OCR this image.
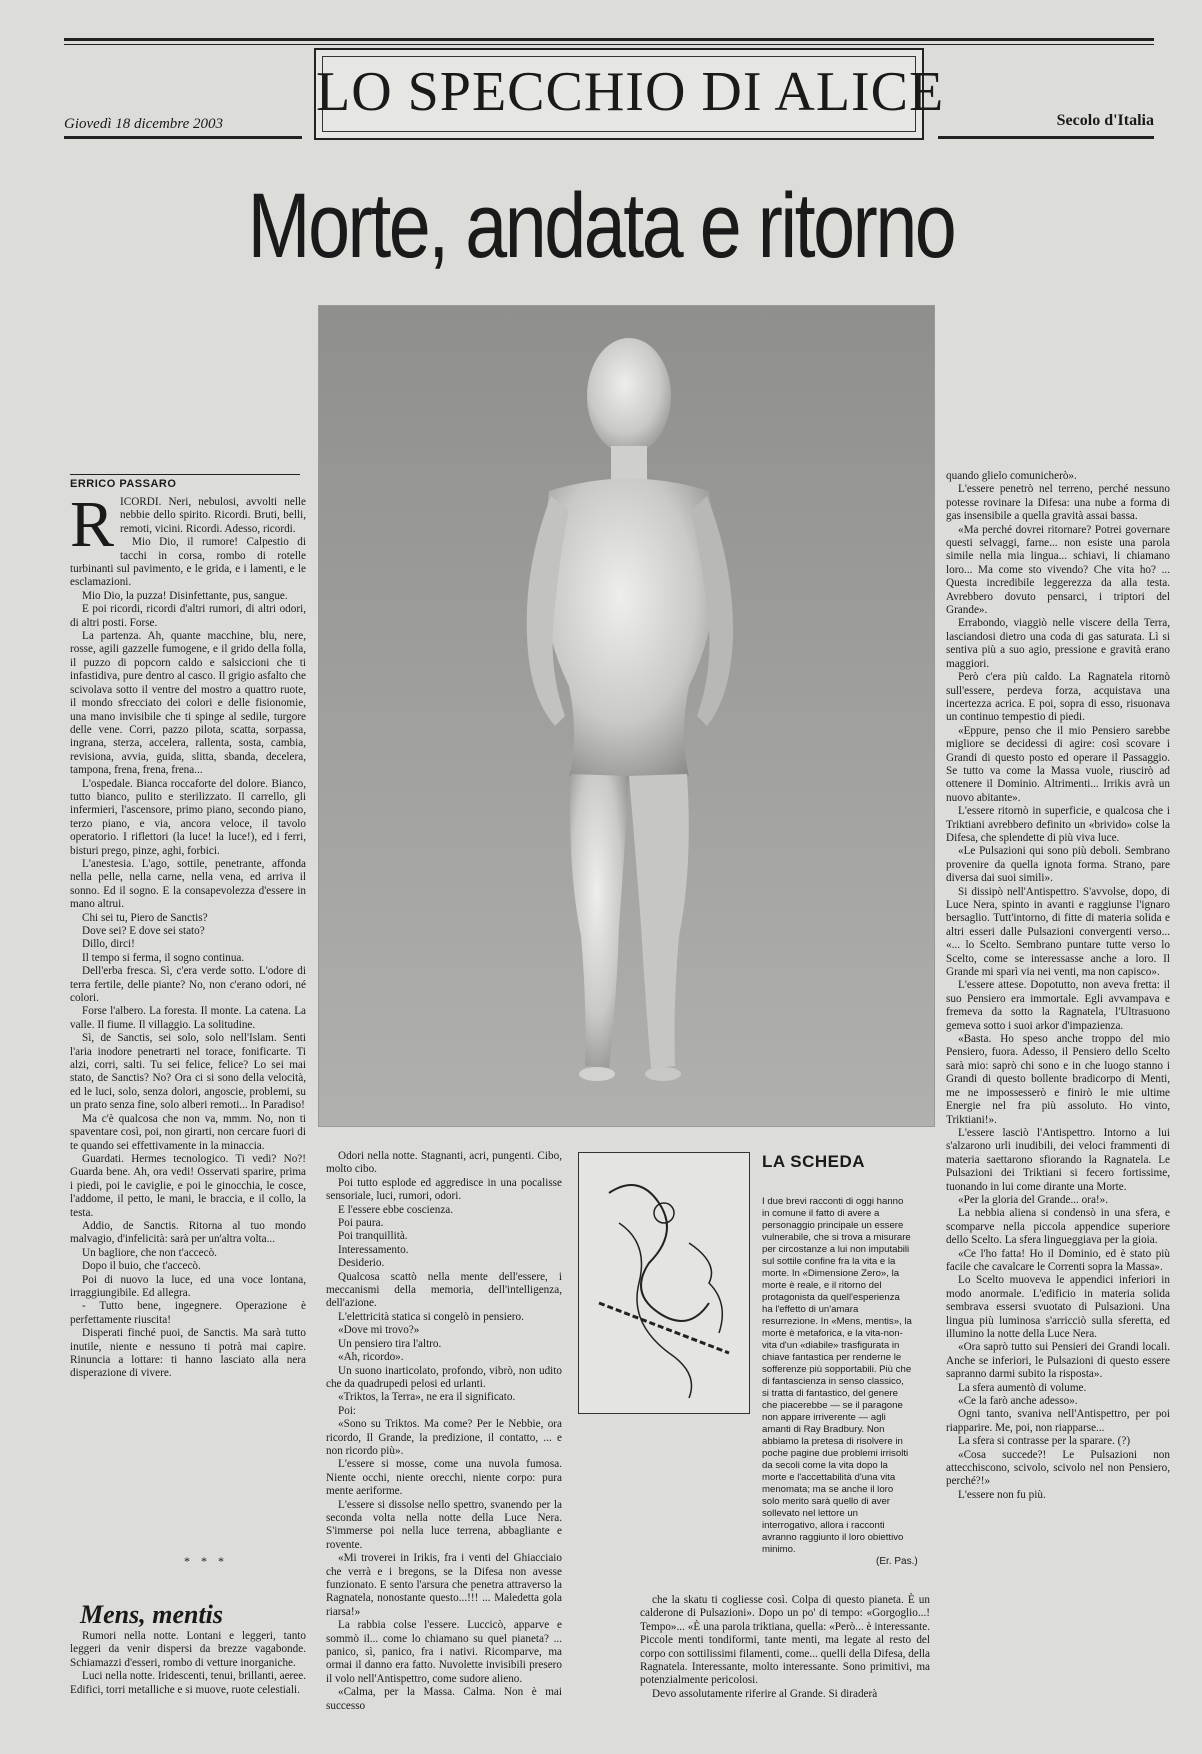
LO SPECCHIO DI ALICE
Giovedì 18 dicembre 2003	Secolo d'Italia
Morte, andata e ritorno
ERRICO PASSARO
R ICORDI. Neri, nebulosi, avvolti nelle nebbie dello spirito. Ricordi. Bruti, belli, remoti, vicini. Ricordi. Adesso, ricordi.

Mio Dio, il rumore! Calpestio di tacchi in corsa, rombo di rotelle turbinanti sul pavimento, e le grida, e i lamenti, e le esclamazioni.

Mio Dio, la puzza! Disinfettante, pus, sangue.

E poi ricordi, ricordi d'altri rumori, di altri odori, di altri posti. Forse.

La partenza. Ah, quante macchine, blu, nere, rosse, agili gazzelle fumogene, e il grido della folla, il puzzo di popcorn caldo e salsiccioni che ti infastidiva, pure dentro al casco. Il grigio asfalto che scivolava sotto il ventre del mostro a quattro ruote, il mondo sfrecciato dei colori e delle fisionomie, una mano invisibile che ti spinge al sedile, turgore delle vene. Corri, pazzo pilota, scatta, sorpassa, ingrana, sterza, accelera, rallenta, sosta, cambia, revisiona, avvia, guida, slitta, sbanda, decelera, tampona, frena, frena, frena...

L'ospedale. Bianca roccaforte del dolore. Bianco, tutto bianco, pulito e sterilizzato. Il carrello, gli infermieri, l'ascensore, primo piano, secondo piano, terzo piano, e via, ancora veloce, il tavolo operatorio. I riflettori (la luce! la luce!), ed i ferri, bisturi prego, pinze, aghi, forbici.

L'anestesia. L'ago, sottile, penetrante, affonda nella pelle, nella carne, nella vena, ed arriva il sonno. Ed il sogno. E la consapevolezza d'essere in mano altrui.

Chi sei tu, Piero de Sanctis?

Dove sei? E dove sei stato?

Dillo, dirci!

Il tempo si ferma, il sogno continua.

Dell'erba fresca. Sì, c'era verde sotto. L'odore di terra fertile, delle piante? No, non c'erano odori, né colori.

Forse l'albero. La foresta. Il monte. La catena. La valle. Il fiume. Il villaggio. La solitudine.

Sì, de Sanctis, sei solo, solo nell'Islam. Senti l'aria inodore penetrarti nel torace, fonificarte. Ti alzi, corri, salti. Tu sei felice, felice? Lo sei mai stato, de Sanctis? No? Ora ci si sono della velocità, ed le luci, solo, senza dolori, angoscie, problemi, su un prato senza fine, solo alberi remoti... In Paradiso!

Ma c'è qualcosa che non va, mmm. No, non ti spaventare così, poi, non girarti, non cercare fuori di te quando sei effettivamente in la minaccia.

Guardati. Hermes tecnologico. Ti vedi? No?! Guarda bene. Ah, ora vedi! Osservati sparire, prima i piedi, poi le caviglie, e poi le ginocchia, le cosce, l'addome, il petto, le mani, le braccia, e il collo, la testa.

Addio, de Sanctis. Ritorna al tuo mondo malvagio, d'infelicità: sarà per un'altra volta...

Un bagliore, che non t'accecò.

Dopo il buio, che t'accecò.

Poi di nuovo la luce, ed una voce lontana, irraggiungibile. Ed allegra.

- Tutto bene, ingegnere. Operazione è perfettamente riuscita!

Disperati finché puoi, de Sanctis. Ma sarà tutto inutile, niente e nessuno ti potrà mai capire. Rinuncia a lottare: ti hanno lasciato alla nera disperazione di vivere.

* * *
Mens, mentis

Rumori nella notte. Lontani e leggeri, tanto leggeri da venir dispersi da brezze vagabonde. Schiamazzi d'esseri, rombo di vetture inorganiche.

Luci nella notte. Iridescenti, tenui, brillanti, aeree. Edifici, torri metalliche e si muove, ruote celestiali.

Odori nella notte. Stagnanti, acri, pungenti. Cibo, molto cibo.

Poi tutto esplode ed aggredisce in una pocalisse sensoriale, luci, rumori, odori.

E l'essere ebbe coscienza.

Poi paura.

Poi tranquillità.

Interessamento.

Desiderio.

Qualcosa scattò nella mente dell'essere, i meccanismi della memoria, dell'intelligenza, dell'azione.

L'elettricità statica si congelò in pensiero.

«Dove mi trovo?»

Un pensiero tira l'altro.

«Ah, ricordo».

Un suono inarticolato, profondo, vibrò, non udito che da quadrupedi pelosi ed urlanti.

«Triktos, la Terra», ne era il significato.

Poi:

«Sono su Triktos. Ma come? Per le Nebbie, ora ricordo, Il Grande, la predizione, il contatto, ... e non ricordo più».

L'essere si mosse, come una nuvola fumosa. Niente occhi, niente orecchi, niente corpo: pura mente aeriforme.

L'essere si dissolse nello spettro, svanendo per la seconda volta nella notte della Luce Nera. S'immerse poi nella luce terrena, abbagliante e rovente.

«Mi troverei in Irikis, fra i venti del Ghiacciaio che verrà e i bregons, se la Difesa non avesse funzionato. E sento l'arsura che penetra attraverso la Ragnatela, nonostante questo...!!! ... Maledetta gola riarsa!»

La rabbia colse l'essere. Luccicò, apparve e sommò il... come lo chiamano su quel pianeta? ... panico, sì, panico, fra i nativi. Ricomparve, ma ormai il danno era fatto. Nuvolette invisibili presero il volo nell'Antispettro, come sudore alieno.

«Calma, per la Massa. Calma. Non è mai successo

LA SCHEDA

I due brevi racconti di oggi hanno in comune il fatto di avere a personaggio principale un essere vulnerabile, che si trova a misurare per circostanze a lui non imputabili sul sottile confine fra la vita e la morte. In «Dimensione Zero», la morte è reale, e il ritorno del protagonista da quell'esperienza ha l'effetto di un'amara resurrezione. In «Mens, mentis», la morte è metaforica, e la vita-non-vita d'un «diabile» trasfigurata in chiave fantastica per renderne le sofferenze più sopportabili. Più che di fantascienza in senso classico, si tratta di fantastico, del genere che piacerebbe — se il paragone non appare irriverente — agli amanti di Ray Bradbury. Non abbiamo la pretesa di risolvere in poche pagine due problemi irrisolti da secoli come la vita dopo la morte e l'accettabilità d'una vita menomata; ma se anche il loro solo merito sarà quello di aver sollevato nel lettore un interrogativo, allora i racconti avranno raggiunto il loro obiettivo minimo.

(Er. Pas.)

che la skatu ti cogliesse così. Colpa di questo pianeta. È un calderone di Pulsazioni». Dopo un po' di tempo: «Gorgoglio...! Tempo»... «È una parola triktiana, quella: «Però... è interessante. Piccole menti tondiformi, tante menti, ma legate al resto del corpo con sottilissimi filamenti, come... quelli della Difesa, della Ragnatela. Interessante, molto interessante. Sono primitivi, ma potenzialmente pericolosi.

Devo assolutamente riferire al Grande. Si diraderà

quando glielo comunicherò».

L'essere penetrò nel terreno, perché nessuno potesse rovinare la Difesa: una nube a forma di gas insensibile a quella gravità assai bassa.

«Ma perché dovrei ritornare? Potrei governare questi selvaggi, farne... non esiste una parola simile nella mia lingua... schiavi, li chiamano loro... Ma come sto vivendo? Che vita ho? ... Questa incredibile leggerezza da alla testa. Avrebbero dovuto pensarci, i triptori del Grande».

Errabondo, viaggiò nelle viscere della Terra, lasciandosi dietro una coda di gas saturata. Lì si sentiva più a suo agio, pressione e gravità erano maggiori.

Però c'era più caldo. La Ragnatela ritornò sull'essere, perdeva forza, acquistava una incertezza acrica. E poi, sopra di esso, risuonava un continuo tempestio di piedi.

«Eppure, penso che il mio Pensiero sarebbe migliore se decidessi di agire: così scovare i Grandi di questo posto ed operare il Passaggio. Se tutto va come la Massa vuole, riuscirò ad ottenere il Dominio. Altrimenti... Irrikis avrà un nuovo abitante».

L'essere ritornò in superficie, e qualcosa che i Triktiani avrebbero definito un «brivido» colse la Difesa, che splendette di più viva luce.

«Le Pulsazioni qui sono più deboli. Sembrano provenire da quella ignota forma. Strano, pare diversa dai suoi simili».

Si dissipò nell'Antispettro. S'avvolse, dopo, di Luce Nera, spinto in avanti e raggiunse l'ignaro bersaglio. Tutt'intorno, di fitte di materia solida e altri esseri dalle Pulsazioni convergenti verso... «... lo Scelto. Sembrano puntare tutte verso lo Scelto, come se interessasse anche a loro. Il Grande mi sparì via nei venti, ma non capisco».

L'essere attese. Dopotutto, non aveva fretta: il suo Pensiero era immortale. Egli avvampava e fremeva da sotto la Ragnatela, l'Ultrasuono gemeva sotto i suoi arkor d'impazienza.

«Basta. Ho speso anche troppo del mio Pensiero, fuora. Adesso, il Pensiero dello Scelto sarà mio: saprò chi sono e in che luogo stanno i Grandi di questo bollente bradicorpo di Menti, me ne impossesserò e finirò le mie ultime Energie nel fra più assoluto. Ho vinto, Triktiani!».

L'essere lasciò l'Antispettro. Intorno a lui s'alzarono urli inudibili, dei veloci frammenti di materia saettarono sfiorando la Ragnatela. Le Pulsazioni dei Triktiani si fecero fortissime, tuonando in lui come dirante una Morte.

«Per la gloria del Grande... ora!».

La nebbia aliena si condensò in una sfera, e scomparve nella piccola appendice superiore dello Scelto. La sfera lingueggiava per la gioia.

«Ce l'ho fatta! Ho il Dominio, ed è stato più facile che cavalcare le Correnti sopra la Massa».

Lo Scelto muoveva le appendici inferiori in modo anormale. L'edificio in materia solida sembrava essersi svuotato di Pulsazioni. Una lingua più luminosa s'arricciò sulla sferetta, ed illumino la notte della Luce Nera.

«Ora saprò tutto sui Pensieri dei Grandi locali. Anche se inferiori, le Pulsazioni di questo essere sapranno darmi subito la risposta».

La sfera aumentò di volume.

«Ce la farò anche adesso».

Ogni tanto, svaniva nell'Antispettro, per poi riapparire. Me, poi, non riapparse...

La sfera si contrasse per la sparare. (?)

«Cosa succede?! Le Pulsazioni non attecchiscono, scivolo, scivolo nel non Pensiero, perché?!»

L'essere non fu più.
